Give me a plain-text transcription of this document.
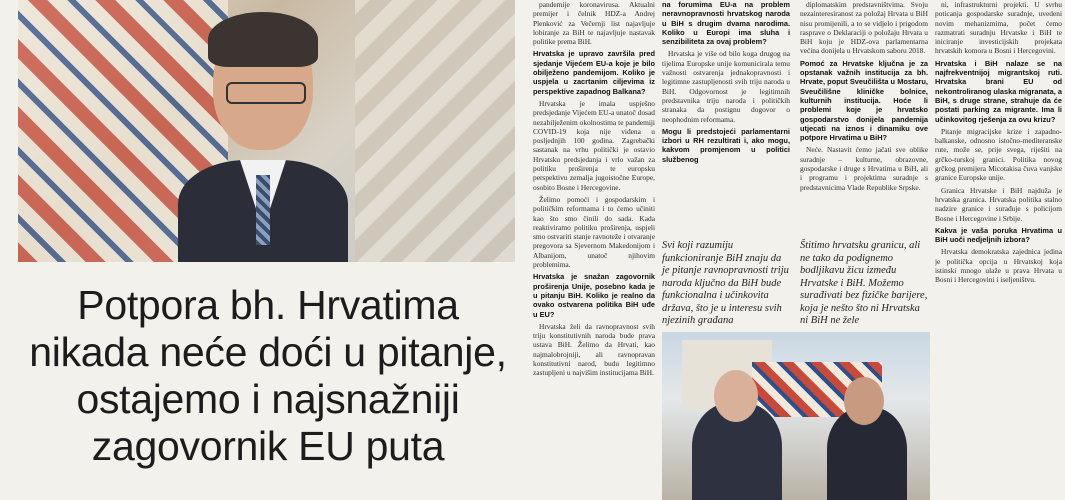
Potpora bh. Hrvatima
nikada neće doći u pitanje,
ostajemo i najsnažniji
zagovornik EU puta

pandemije koronavirusa. Aktualni premijer i čelnik HDZ-a Andrej Plenković za Večernji list najavljuje lobiranje za BiH te najavljuje nastavak politike prema BiH.

Hrvatska je upravo završila pred sjedanje Vijećem EU-a koje je bilo obilježeno pandemijom. Koliko je uspjela u zacrtanim ciljevima iz perspektive zapadnog Balkana?

Hrvatska je imala uspješno predsjedanje Vijećem EU-a unatoč dosad nezabilježenim okolnostima te pandemiji COVID-19 koja nije viđena u posljednjih 100 godina. Zagrebački sastanak na vrhu politički je ostavio Hrvatsku predsjedanja i vrlo važan za politiku proširenja te europsku perspektivu zemalja jugoistočne Europe, osobito Bosne i Hercegovine.

Želimo pomoći i gospodarskim i političkim reformama i to ćemo učiniti kao što smo činili do sada. Kada reaktiviramo politiku proširenja, uspjeli smo ostvariti stanje ravnoteže i otvaranje pregovora sa Sjevernom Makedonijom i Albanijom, unatoč njihovim problemima.

Hrvatska je snažan zagovornik proširenja Unije, posebno kada je u pitanju BiH. Koliko je realno da ovako ostvarena politika BiH uđe u EU?

Hrvatska želi da ravnopravnost svih triju konstitutivnih naroda bude prava ustava BiH. Želimo da Hrvati, kao najmalobrojniji, ali ravnopravan konstitutivni narod, budu legitimno zastupljeni u najvišim institucijama BiH.

na forumima EU-a na problem neravnopravnosti hrvatskog naroda u BiH s drugim dvama narodima. Koliko u Europi ima sluha i senzibiliteta za ovaj problem?

Hrvatska je više od bilo koga drugog na tijelima Europske unije komunicirala temu važnosti ostvarenja jednakopravnosti i legitimne zastupljenosti svih triju naroda u BiH. Odgovornost je legitimnih predstavnika triju naroda i političkih stranaka da postignu dogovor o neophodnim reformama.

Mogu li predstojeći parlamentarni izbori u RH rezultirati i, ako mogu, kakvom promjenom u politici službenog

diplomatskim predstavništvima. Svoju nezainteresiranost za položaj Hrvata u BiH nisu promijenili, a to se vidjelo i prigodom rasprave o Deklaraciji o položaju Hrvata u BiH koju je HDZ-ova parlamentarna većina donijela u Hrvatskom saboru 2018.

Pomoć za Hrvatske ključna je za opstanak važnih institucija za bh. Hrvate, poput Sveučilišta u Mostaru, Sveučilišne kliničke bolnice, kulturnih institucija. Hoće li problemi koje je hrvatsko gospodarstvo donijela pandemija utjecati na iznos i dinamiku ove potpore Hrvatima u BiH?

Neće. Nastavit ćemo jačati sve oblike suradnje – kulturne, obrazovne, gospodarske i druge s Hrvatima u BiH, ali i programu i projektima suradnje s predstavnicima Vlade Republike Srpske.

ni, infrastrukturni projekti. U svrhu poticanja gospodarske suradnje, uvedeni novim mehanizmima, počet ćemo razmatrati suradnju Hrvatske i BiH te iniciranje investicijskih projekata hrvatskih komora u Bosni i Hercegovini.

Hrvatska i BiH nalaze se na najfrekventnijoj migrantskoj ruti. Hrvatska brani EU od nekontroliranog ulaska migranata, a BiH, s druge strane, strahuje da će postati parking za migrante. Ima li učinkovitog rješenja za ovu krizu?

Pitanje migracijske krize i zapadno-balkanske, odnosno istočno-mediteranske rute, može se, prije svega, riješiti na grčko-turskoj granici. Politika novog grčkog premijera Micotakisa čuva vanjske granice Europske unije.

Granica Hrvatske i BiH najduža je hrvatska granica. Hrvatska politika stalno nadzire granice i surađuje s policijom Bosne i Hercegovine i Srbije.

Kakva je vaša poruka Hrvatima u BiH uoči nedjeljnih izbora?

Hrvatska demokratska zajednica jedina je politička opcija u Hrvatskoj koja istinski mnogo ulaže u prava Hrvata u Bosni i Hercegovini i iseljeništvu.

Svi koji razumiju funkcioniranje BiH znaju da je pitanje ravnopravnosti triju naroda ključno da BiH bude funkcionalna i učinkovita država, što je u interesu svih njezinih građana
Štitimo hrvatsku granicu, ali ne tako da podignemo bodljikavu žicu između Hrvatske i BiH. Možemo surađivati bez fizičke barijere, koja je nešto što ni Hrvatska ni BiH ne žele
